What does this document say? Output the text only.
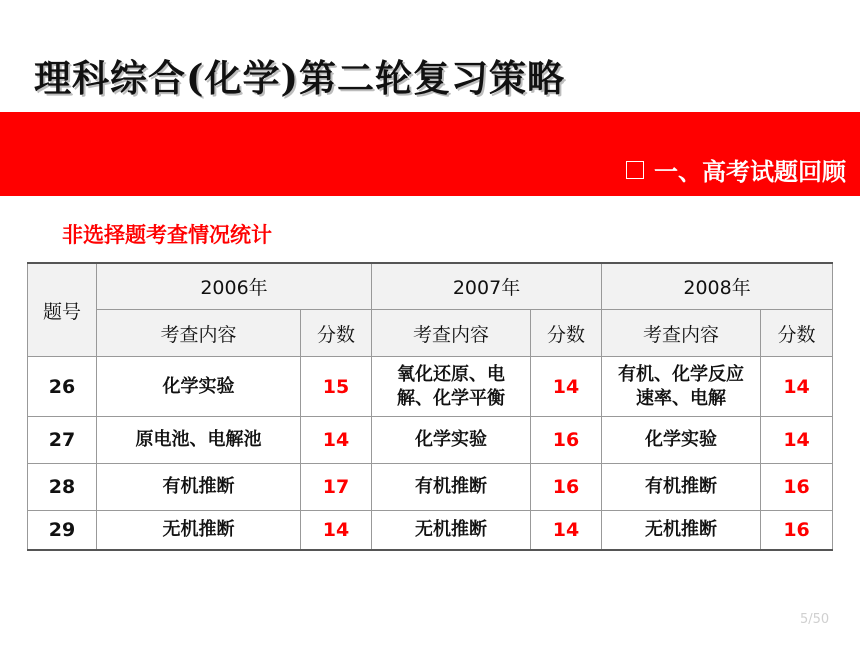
理科综合(化学)第二轮复习策略
一、高考试题回顾
非选择题考查情况统计
题号	2006年		2007年		2008年	
	考查内容	分数	考查内容	分数	考查内容	分数
26	化学实验	15	氧化还原、电解、化学平衡	14	有机、化学反应速率、电解	14
27	原电池、电解池	14	化学实验	16	化学实验	14
28	有机推断	17	有机推断	16	有机推断	16
29	无机推断	14	无机推断	14	无机推断	16
5/50
